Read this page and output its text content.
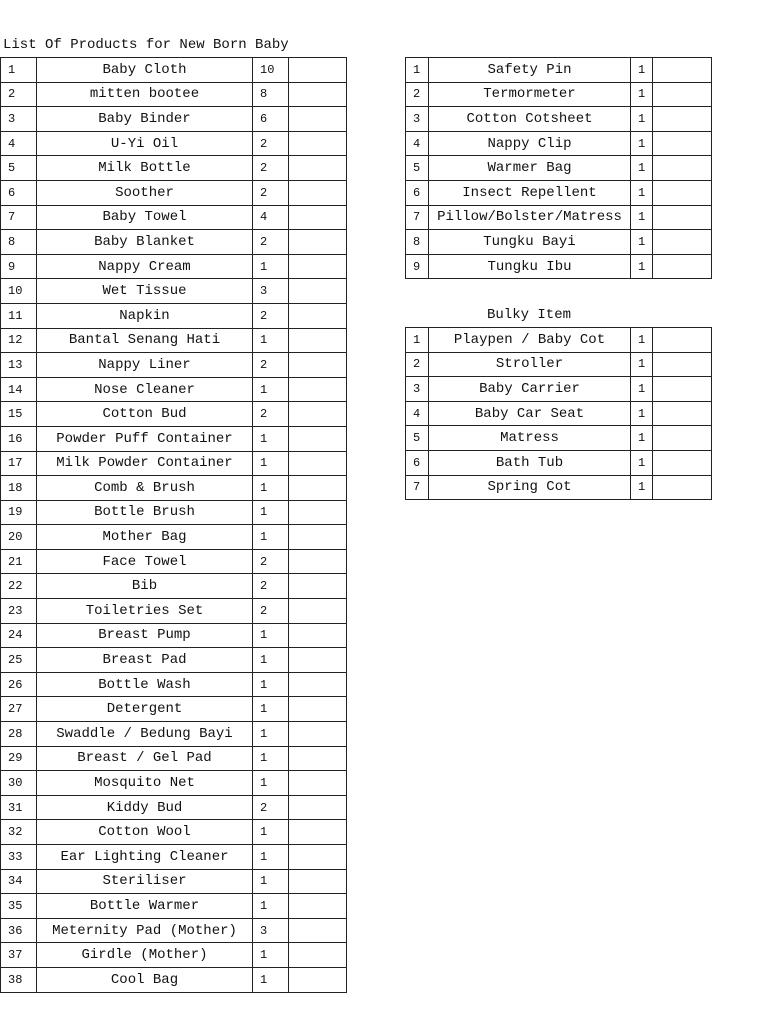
List Of Products for New Born Baby
1	Baby Cloth	10	
2	mitten bootee	8	
3	Baby Binder	6	
4	U-Yi Oil	2	
5	Milk Bottle	2	
6	Soother	2	
7	Baby Towel	4	
8	Baby Blanket	2	
9	Nappy Cream	1	
10	Wet Tissue	3	
11	Napkin	2	
12	Bantal Senang Hati	1	
13	Nappy Liner	2	
14	Nose Cleaner	1	
15	Cotton Bud	2	
16	Powder Puff Container	1	
17	Milk Powder Container	1	
18	Comb & Brush	1	
19	Bottle Brush	1	
20	Mother Bag	1	
21	Face Towel	2	
22	Bib	2	
23	Toiletries Set	2	
24	Breast Pump	1	
25	Breast Pad	1	
26	Bottle Wash	1	
27	Detergent	1	
28	Swaddle / Bedung Bayi	1	
29	Breast / Gel Pad	1	
30	Mosquito Net	1	
31	Kiddy Bud	2	
32	Cotton Wool	1	
33	Ear Lighting Cleaner	1	
34	Steriliser	1	
35	Bottle Warmer	1	
36	Meternity Pad (Mother)	3	
37	Girdle (Mother)	1	
38	Cool Bag	1	
1	Safety Pin	1	
2	Termormeter	1	
3	Cotton Cotsheet	1	
4	Nappy Clip	1	
5	Warmer Bag	1	
6	Insect Repellent	1	
7	Pillow/Bolster/Matress	1	
8	Tungku Bayi	1	
9	Tungku Ibu	1	
Bulky Item
1	Playpen / Baby Cot	1	
2	Stroller	1	
3	Baby Carrier	1	
4	Baby Car Seat	1	
5	Matress	1	
6	Bath Tub	1	
7	Spring Cot	1	
